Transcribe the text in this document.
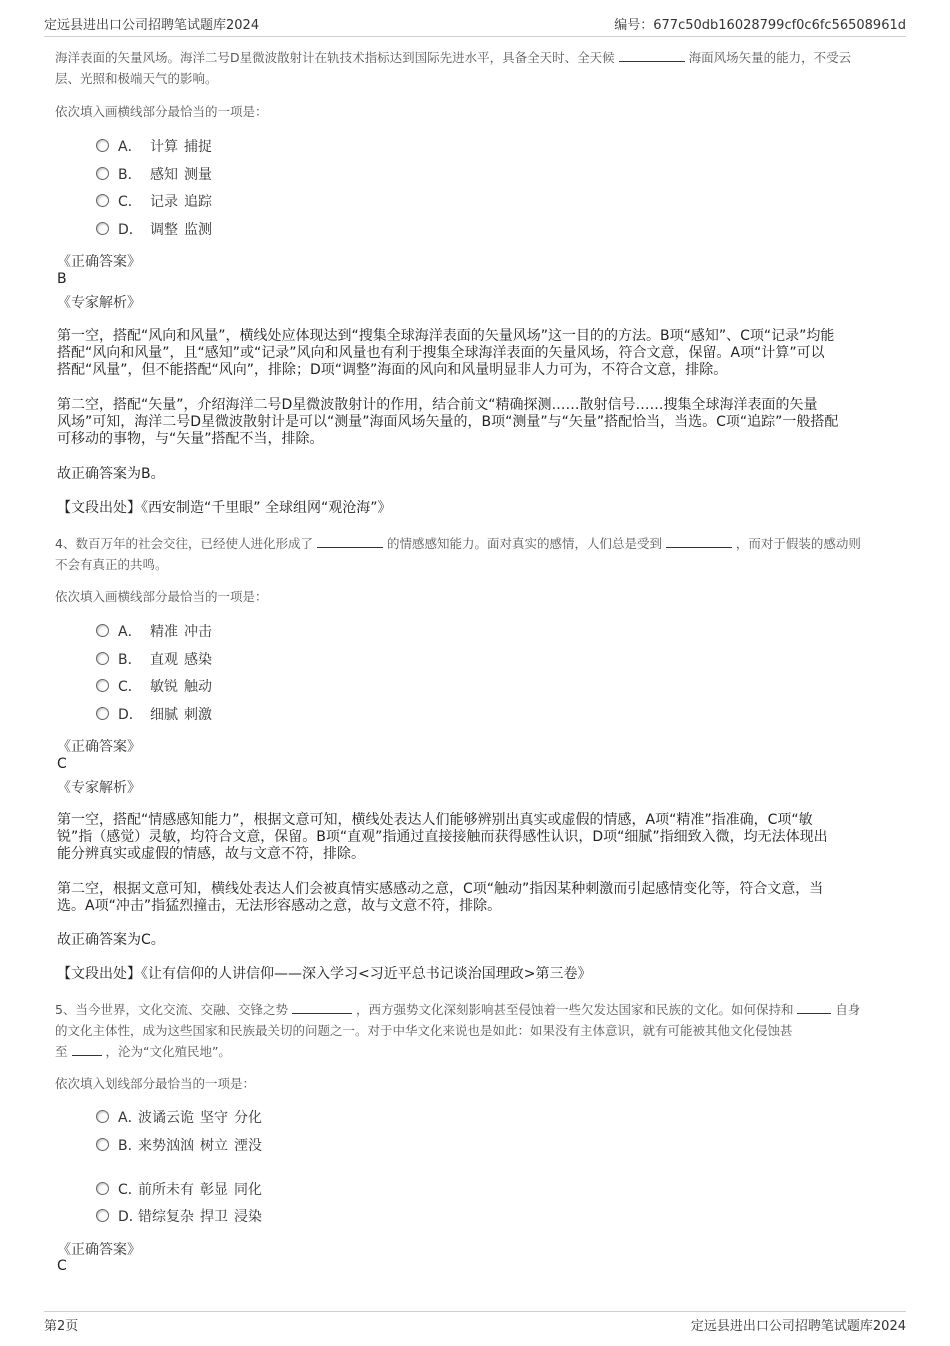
定远县进出口公司招聘笔试题库2024	编号：677c50db16028799cf0c6fc56508961d
海洋表面的矢量风场。海洋二号D星微波散射计在轨技术指标达到国际先进水平，具备全天时、全天候	海面风场矢量的能力，不受云
层、光照和极端天气的影响。
依次填入画横线部分最恰当的一项是：
A． 计算 捕捉
B． 感知 测量
C． 记录 追踪
D． 调整 监测
《正确答案》
B
《专家解析》
第一空，搭配“风向和风量”，横线处应体现达到“搜集全球海洋表面的矢量风场”这一目的的方法。B项“感知”、C项“记录”均能
搭配“风向和风量”，且“感知”或“记录”风向和风量也有利于搜集全球海洋表面的矢量风场，符合文意，保留。A项“计算”可以
搭配“风量”，但不能搭配“风向”，排除；D项“调整”海面的风向和风量明显非人力可为，不符合文意，排除。
第二空，搭配“矢量”，介绍海洋二号D星微波散射计的作用，结合前文“精确探测……散射信号……搜集全球海洋表面的矢量
风场”可知，海洋二号D星微波散射计是可以“测量”海面风场矢量的，B项“测量”与“矢量”搭配恰当，当选。C项“追踪”一般搭配
可移动的事物，与“矢量”搭配不当，排除。
故正确答案为B。
【文段出处】《西安制造“千里眼” 全球组网“观沧海”》
4、数百万年的社会交往，已经使人进化形成了	的情感感知能力。面对真实的感情，人们总是受到	，而对于假装的感动则
不会有真正的共鸣。
依次填入画横线部分最恰当的一项是：
A． 精准 冲击
B． 直观 感染
C． 敏锐 触动
D． 细腻 刺激
《正确答案》
C
《专家解析》
第一空，搭配“情感感知能力”，根据文意可知，横线处表达人们能够辨别出真实或虚假的情感，A项“精准”指准确，C项“敏
锐”指（感觉）灵敏，均符合文意，保留。B项“直观”指通过直接接触而获得感性认识，D项“细腻”指细致入微，均无法体现出
能分辨真实或虚假的情感，故与文意不符，排除。
第二空，根据文意可知，横线处表达人们会被真情实感感动之意，C项“触动”指因某种刺激而引起感情变化等，符合文意，当
选。A项“冲击”指猛烈撞击，无法形容感动之意，故与文意不符，排除。
故正确答案为C。
【文段出处】《让有信仰的人讲信仰——深入学习<习近平总书记谈治国理政>第三卷》
5、当今世界，文化交流、交融、交锋之势	，西方强势文化深刻影响甚至侵蚀着一些欠发达国家和民族的文化。如何保持和	自身
的文化主体性，成为这些国家和民族最关切的问题之一。对于中华文化来说也是如此：如果没有主体意识，就有可能被其他文化侵蚀甚
至	，沦为“文化殖民地”。
依次填入划线部分最恰当的一项是：
A．波谲云诡 坚守 分化
B．来势汹汹 树立 湮没
C．前所未有 彰显 同化
D．错综复杂 捍卫 浸染
《正确答案》
C
第2页	定远县进出口公司招聘笔试题库2024
